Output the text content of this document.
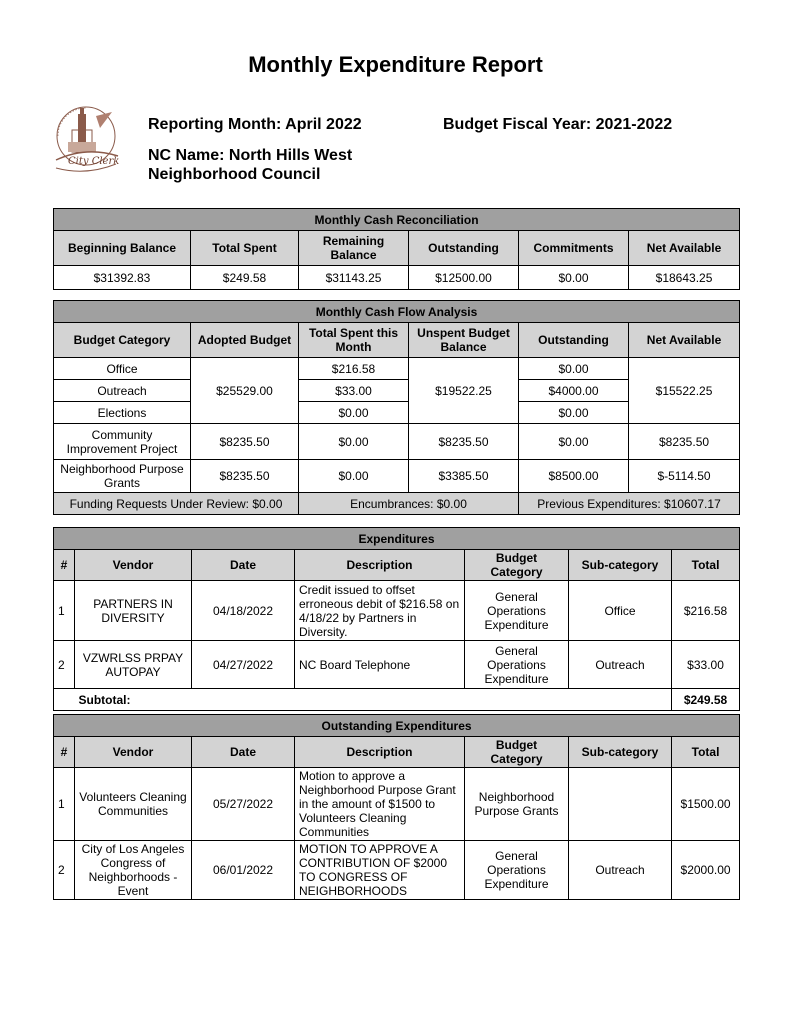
Monthly Expenditure Report
City Clerk
Reporting Month: April 2022	Budget Fiscal Year: 2021-2022
NC Name: North Hills West Neighborhood Council
Monthly Cash Reconciliation					
Beginning Balance	Total Spent	Remaining Balance	Outstanding	Commitments	Net Available
$31392.83	$249.58	$31143.25	$12500.00	$0.00	$18643.25
Monthly Cash Flow Analysis					
Budget Category	Adopted Budget	Total Spent this Month	Unspent Budget Balance	Outstanding	Net Available
Office	$25529.00	$216.58	$19522.25	$0.00	$15522.25
Outreach		$33.00		$4000.00	
Elections		$0.00		$0.00	
Community Improvement Project	$8235.50	$0.00	$8235.50	$0.00	$8235.50
Neighborhood Purpose Grants	$8235.50	$0.00	$3385.50	$8500.00	$-5114.50
Funding Requests Under Review: $0.00		Encumbrances: $0.00		Previous Expenditures: $10607.17	
Expenditures						
#	Vendor	Date	Description	Budget Category	Sub-category	Total
1	PARTNERS IN DIVERSITY	04/18/2022	Credit issued to offset erroneous debit of $216.58 on 4/18/22 by Partners in Diversity.	General Operations Expenditure	Office	$216.58
2	VZWRLSS PRPAY AUTOPAY	04/27/2022	NC Board Telephone	General Operations Expenditure	Outreach	$33.00
	Subtotal:					$249.58
Outstanding Expenditures						
#	Vendor	Date	Description	Budget Category	Sub-category	Total
1	Volunteers Cleaning Communities	05/27/2022	Motion to approve a Neighborhood Purpose Grant in the amount of $1500 to Volunteers Cleaning Communities	Neighborhood Purpose Grants		$1500.00
2	City of Los Angeles Congress of Neighborhoods - Event	06/01/2022	MOTION TO APPROVE A CONTRIBUTION OF $2000 TO CONGRESS OF NEIGHBORHOODS	General Operations Expenditure	Outreach	$2000.00
